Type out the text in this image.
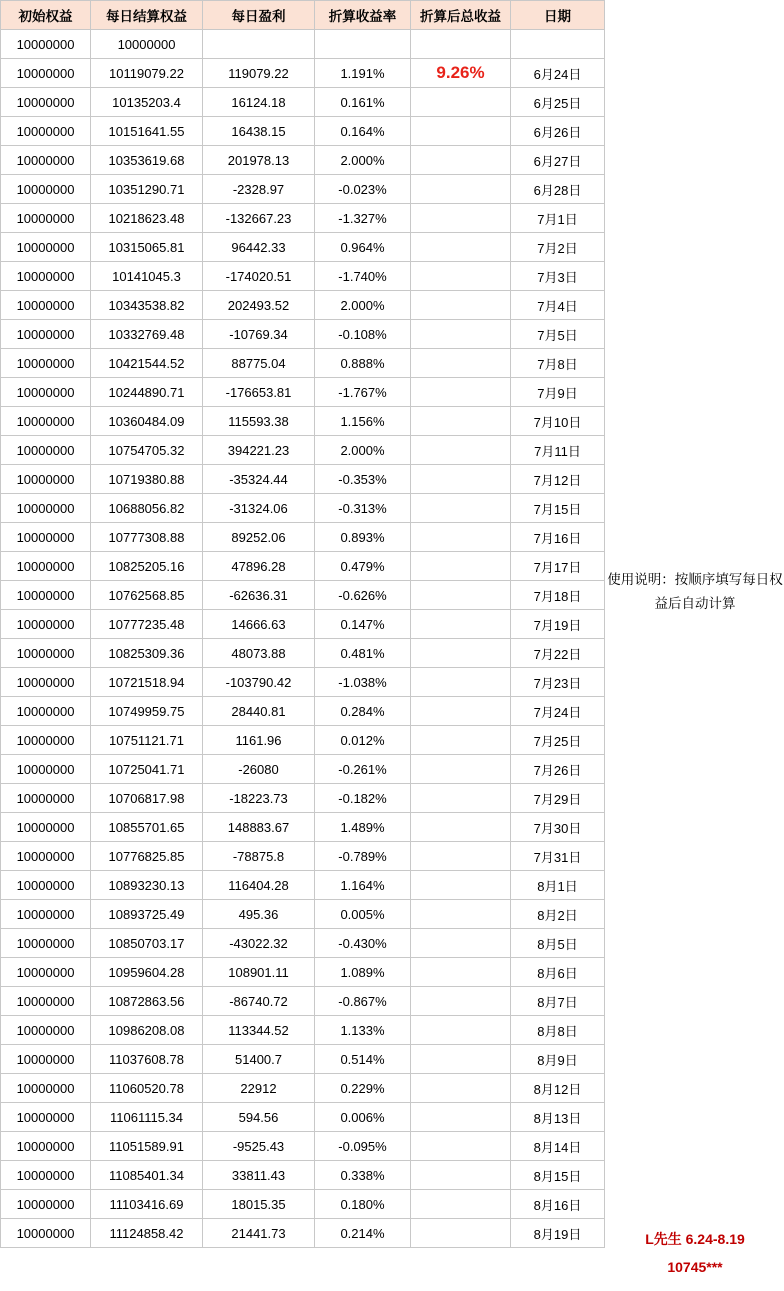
初始权益	每日结算权益	每日盈利	折算收益率	折算后总收益	日期
10000000	10000000				
10000000	10119079.22	119079.22	1.191%	9.26%	6月24日
10000000	10135203.4	16124.18	0.161%		6月25日
10000000	10151641.55	16438.15	0.164%		6月26日
10000000	10353619.68	201978.13	2.000%		6月27日
10000000	10351290.71	-2328.97	-0.023%		6月28日
10000000	10218623.48	-132667.23	-1.327%		7月1日
10000000	10315065.81	96442.33	0.964%		7月2日
10000000	10141045.3	-174020.51	-1.740%		7月3日
10000000	10343538.82	202493.52	2.000%		7月4日
10000000	10332769.48	-10769.34	-0.108%		7月5日
10000000	10421544.52	88775.04	0.888%		7月8日
10000000	10244890.71	-176653.81	-1.767%		7月9日
10000000	10360484.09	115593.38	1.156%		7月10日
10000000	10754705.32	394221.23	2.000%		7月11日
10000000	10719380.88	-35324.44	-0.353%		7月12日
10000000	10688056.82	-31324.06	-0.313%		7月15日
10000000	10777308.88	89252.06	0.893%		7月16日
10000000	10825205.16	47896.28	0.479%		7月17日
10000000	10762568.85	-62636.31	-0.626%		7月18日
10000000	10777235.48	14666.63	0.147%		7月19日
10000000	10825309.36	48073.88	0.481%		7月22日
10000000	10721518.94	-103790.42	-1.038%		7月23日
10000000	10749959.75	28440.81	0.284%		7月24日
10000000	10751121.71	1161.96	0.012%		7月25日
10000000	10725041.71	-26080	-0.261%		7月26日
10000000	10706817.98	-18223.73	-0.182%		7月29日
10000000	10855701.65	148883.67	1.489%		7月30日
10000000	10776825.85	-78875.8	-0.789%		7月31日
10000000	10893230.13	116404.28	1.164%		8月1日
10000000	10893725.49	495.36	0.005%		8月2日
10000000	10850703.17	-43022.32	-0.430%		8月5日
10000000	10959604.28	108901.11	1.089%		8月6日
10000000	10872863.56	-86740.72	-0.867%		8月7日
10000000	10986208.08	113344.52	1.133%		8月8日
10000000	11037608.78	51400.7	0.514%		8月9日
10000000	11060520.78	22912	0.229%		8月12日
10000000	11061115.34	594.56	0.006%		8月13日
10000000	11051589.91	-9525.43	-0.095%		8月14日
10000000	11085401.34	33811.43	0.338%		8月15日
10000000	11103416.69	18015.35	0.180%		8月16日
10000000	11124858.42	21441.73	0.214%		8月19日
使用说明：按顺序填写每日权益后自动计算
L先生 6.24-8.19
10745***
